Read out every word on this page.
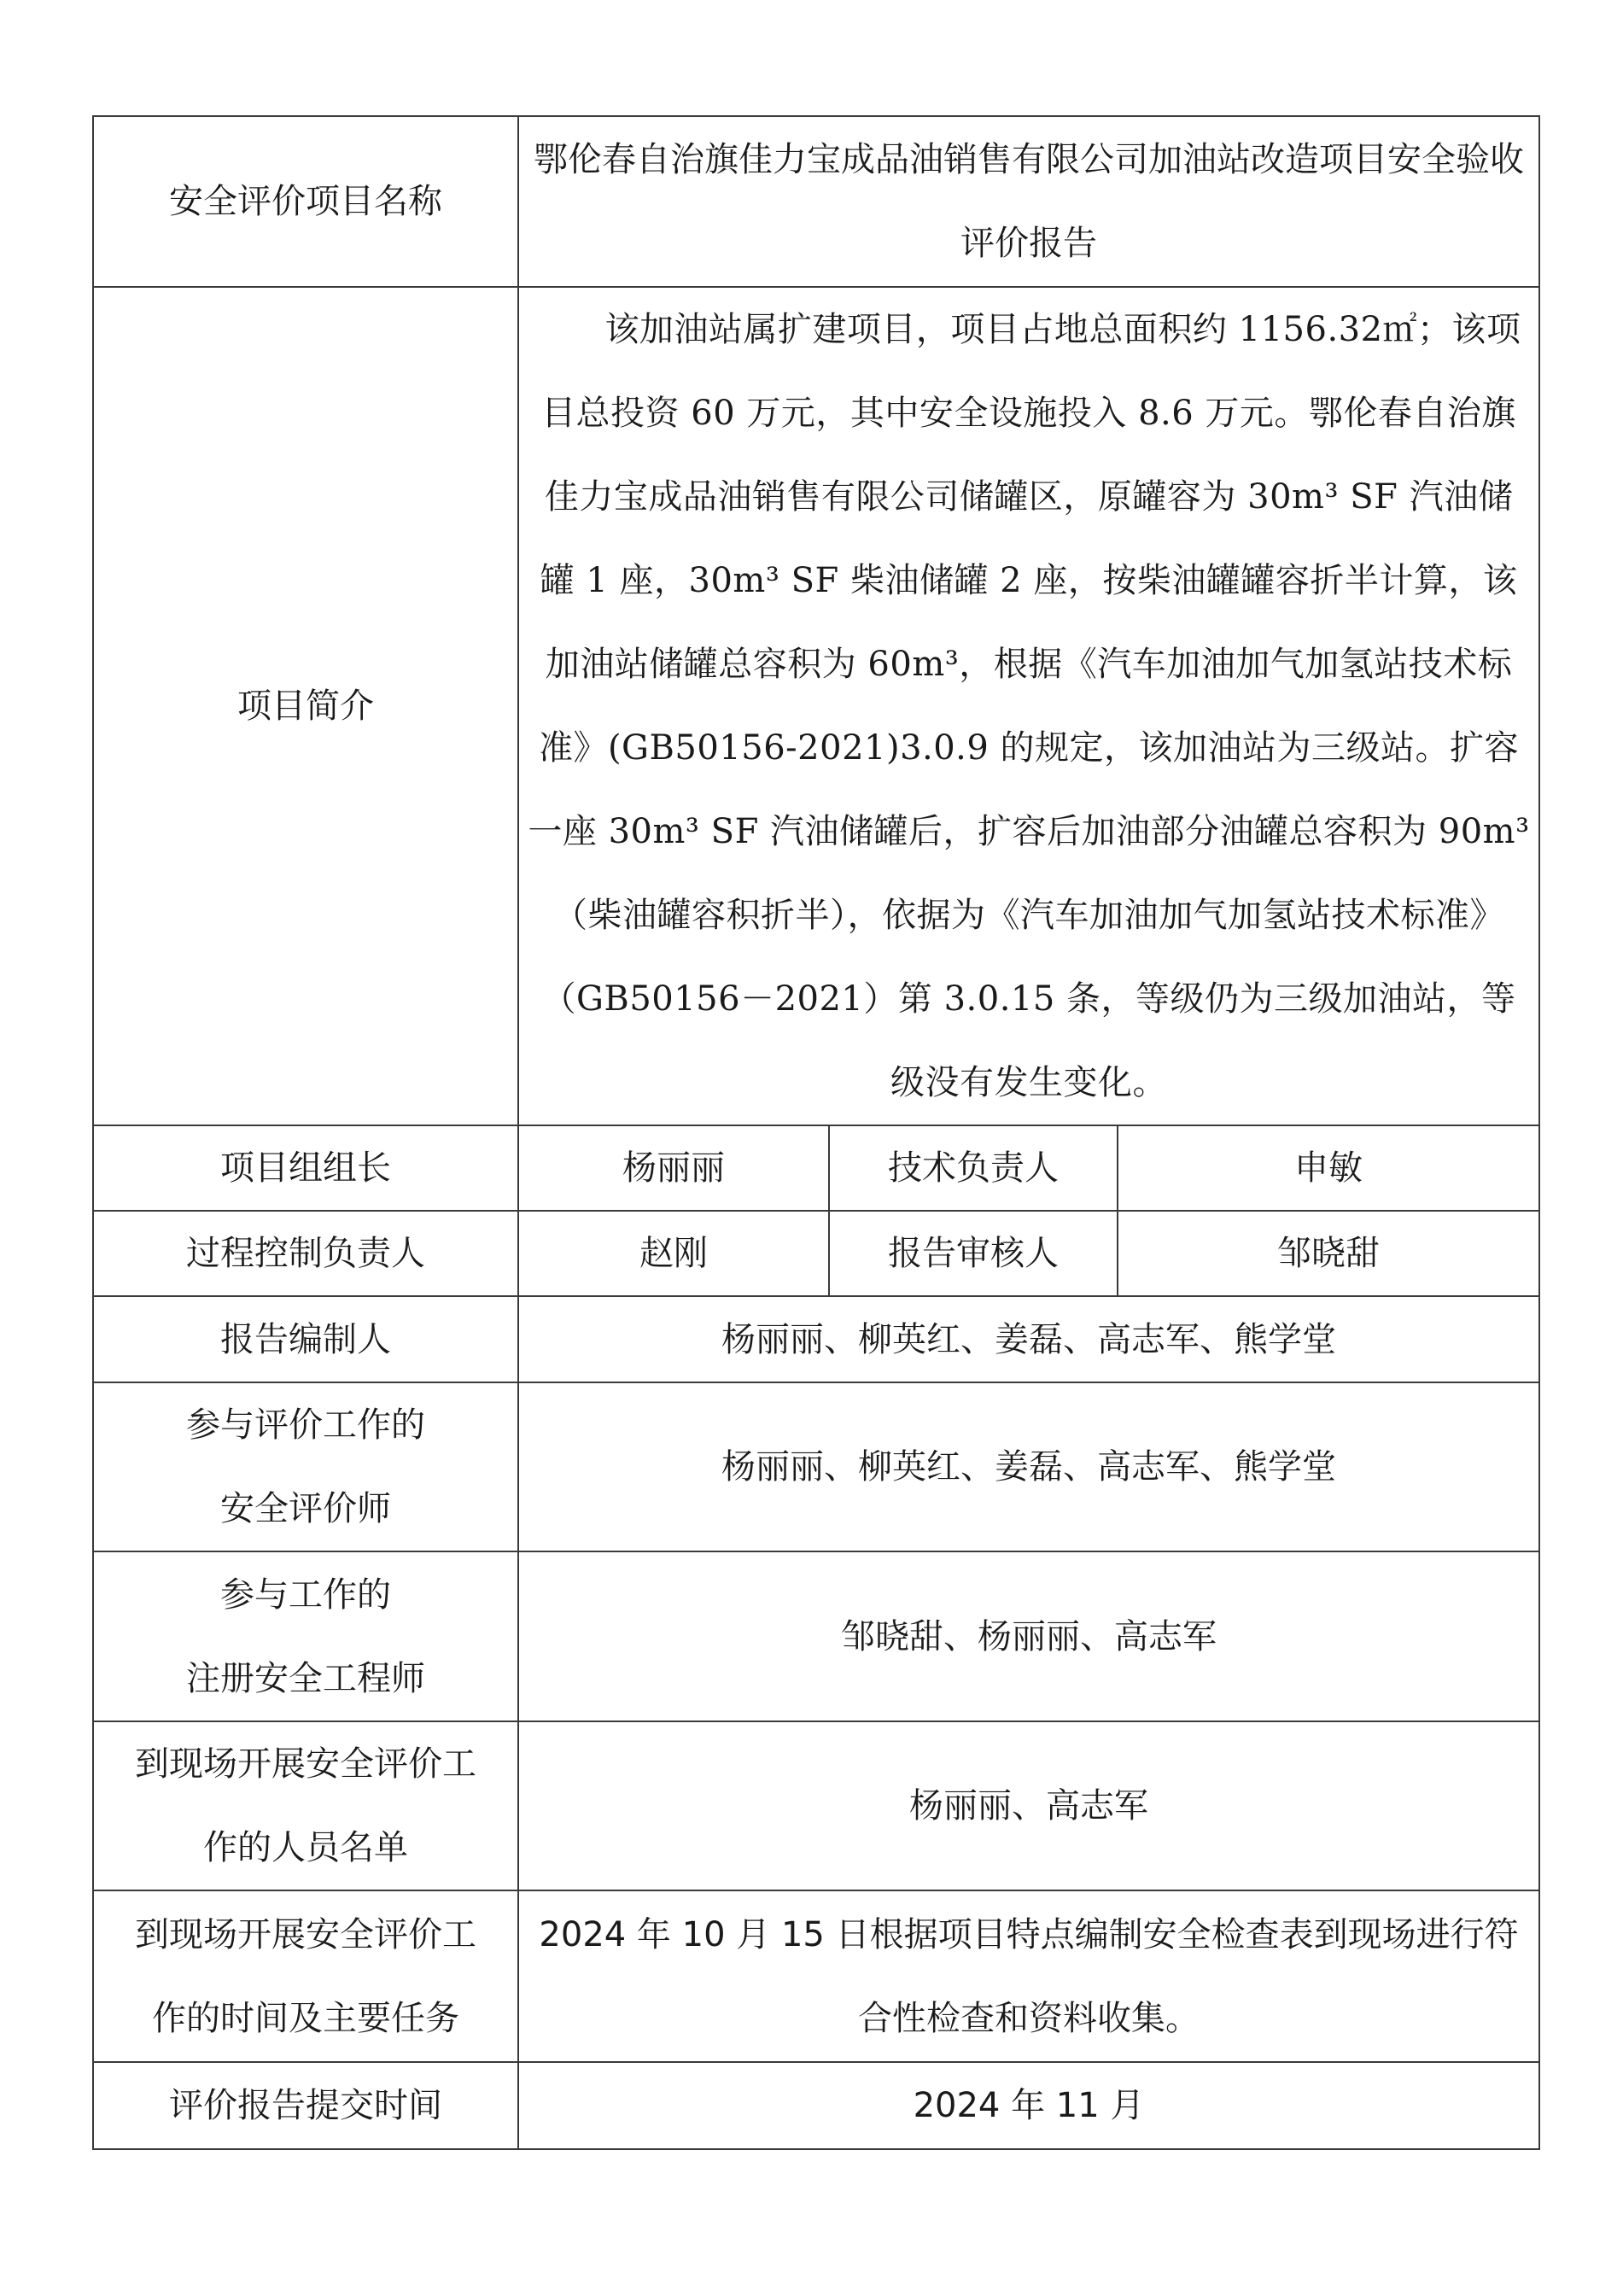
安全评价项目名称	鄂伦春自治旗佳力宝成品油销售有限公司加油站改造项目安全验收评价报告		
项目简介	该加油站属扩建项目，项目占地总面积约 1156.32㎡；该项目总投资 60 万元，其中安全设施投入 8.6 万元。鄂伦春自治旗佳力宝成品油销售有限公司储罐区，原罐容为 30m³ SF 汽油储罐 1 座，30m³ SF 柴油储罐 2 座，按柴油罐罐容折半计算，该加油站储罐总容积为 60m³，根据《汽车加油加气加氢站技术标准》(GB50156-2021)3.0.9 的规定，该加油站为三级站。扩容一座 30m³ SF 汽油储罐后，扩容后加油部分油罐总容积为 90m³（柴油罐容积折半），依据为《汽车加油加气加氢站技术标准》（GB50156－2021）第 3.0.15 条，等级仍为三级加油站，等级没有发生变化。		
项目组组长	杨丽丽	技术负责人	申敏
过程控制负责人	赵刚	报告审核人	邹晓甜
报告编制人	杨丽丽、柳英红、姜磊、高志军、熊学堂		

参与评价工作的
安全评价师	杨丽丽、柳英红、姜磊、高志军、熊学堂		

参与工作的
注册安全工程师	邹晓甜、杨丽丽、高志军		

到现场开展安全评价工
作的人员名单	杨丽丽、高志军		

到现场开展安全评价工
作的时间及主要任务	2024 年 10 月 15 日根据项目特点编制安全检查表到现场进行符合性检查和资料收集。		
评价报告提交时间	2024 年 11 月		
